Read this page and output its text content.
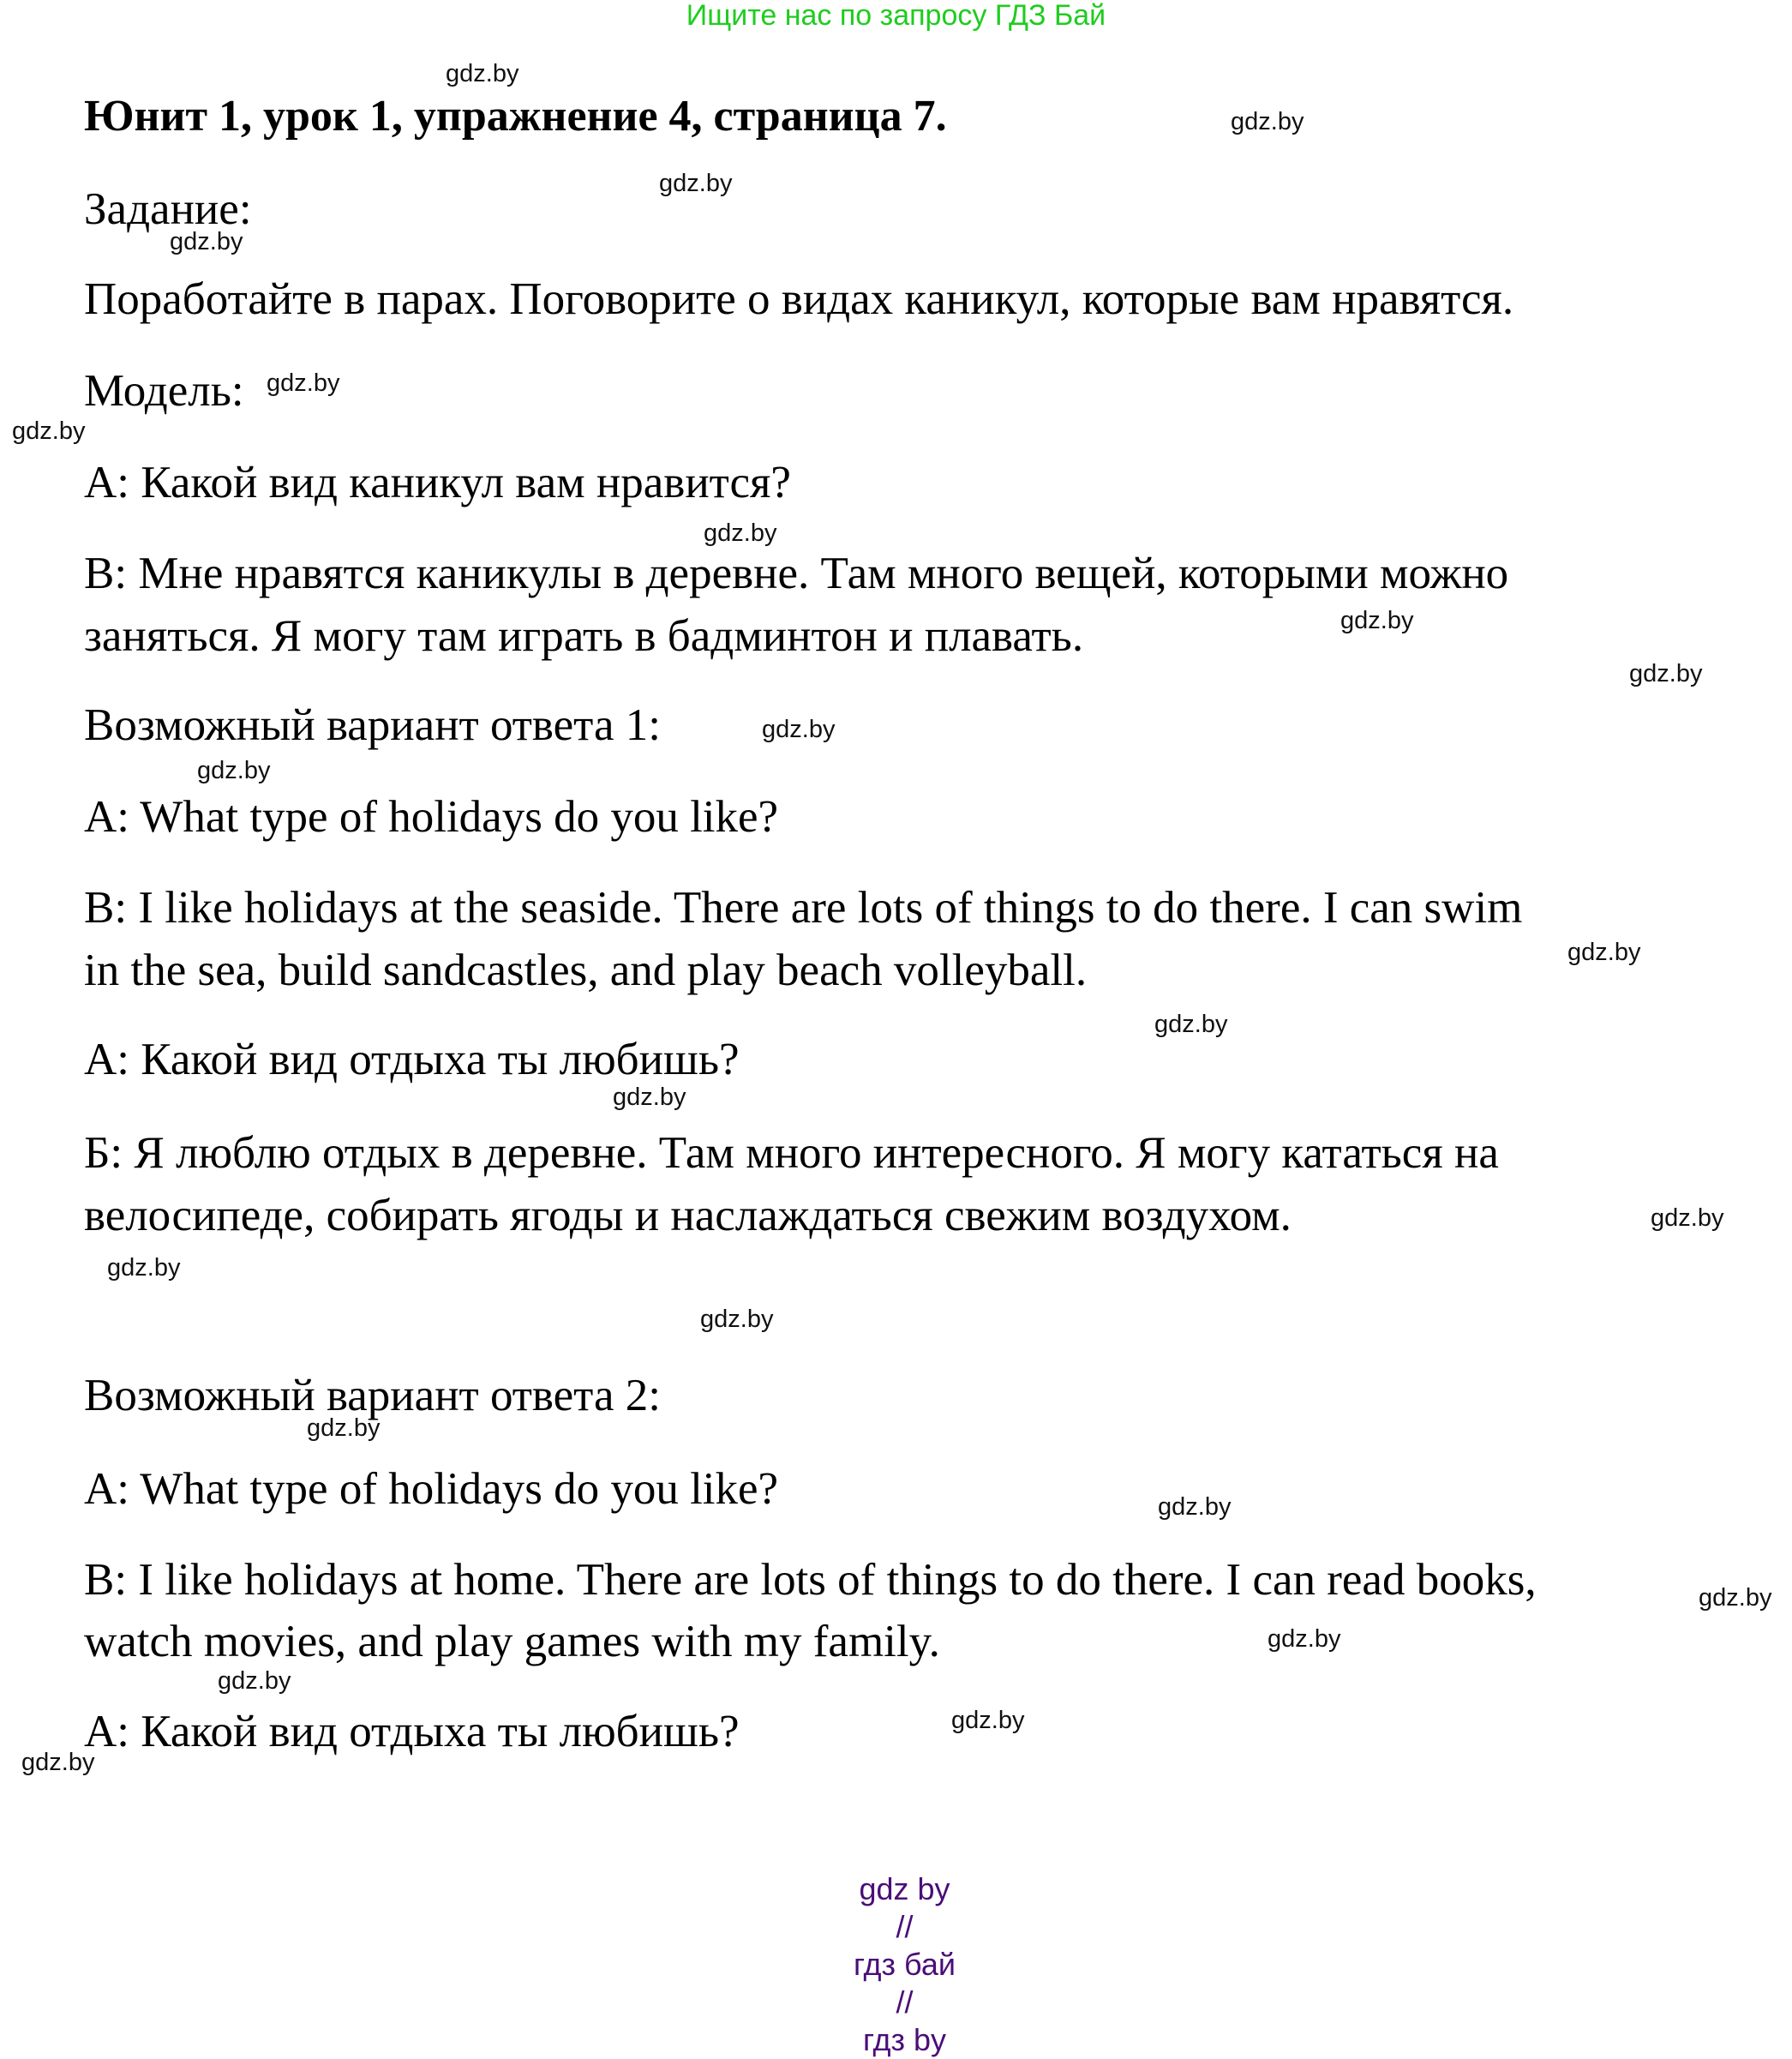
Ищите нас по запросу ГДЗ Бай
Юнит 1, урок 1, упражнение 4, страница 7.
Задание:
Поработайте в парах. Поговорите о видах каникул, которые вам нравятся.
Модель:
A: Какой вид каникул вам нравится?
B: Мне нравятся каникулы в деревне. Там много вещей, которыми можно
заняться. Я могу там играть в бадминтон и плавать.
Возможный вариант ответа 1:
A: What type of holidays do you like?
B: I like holidays at the seaside. There are lots of things to do there. I can swim
in the sea, build sandcastles, and play beach volleyball.
A: Какой вид отдыха ты любишь?
Б: Я люблю отдых в деревне. Там много интересного. Я могу кататься на
велосипеде, собирать ягоды и наслаждаться свежим воздухом.
Возможный вариант ответа 2:
A: What type of holidays do you like?
B: I like holidays at home. There are lots of things to do there. I can read books,
watch movies, and play games with my family.
A: Какой вид отдыха ты любишь?
gdz.by
gdz.by
gdz.by
gdz.by
gdz.by
gdz.by
gdz.by
gdz.by
gdz.by
gdz.by
gdz.by
gdz.by
gdz.by
gdz.by
gdz.by
gdz.by
gdz.by
gdz.by
gdz.by
gdz.by
gdz.by
gdz.by
gdz.by
gdz.by

gdz by
//
гдз бай
//
гдз by
